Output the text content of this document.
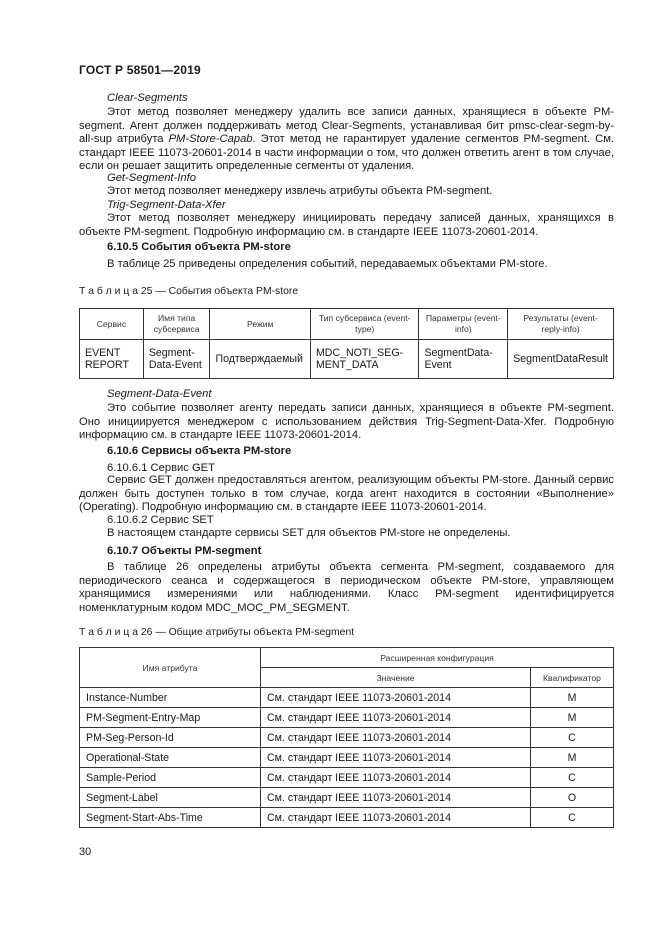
ГОСТ Р 58501—2019
Clear-Segments
Этот метод позволяет менеджеру удалить все записи данных, хранящиеся в объекте PM-segment. Агент должен поддерживать метод Clear-Segments, устанавливая бит pmsc-clear-segm-by-all-sup атрибута PM-Store-Capab. Этот метод не гарантирует удаление сегментов PM-segment. См. стандарт IEEE 11073-20601-2014 в части информации о том, что должен ответить агент в том случае, если он решает защитить определенные сегменты от удаления.
Get-Segment-Info
Этот метод позволяет менеджеру извлечь атрибуты объекта PM-segment.
Trig-Segment-Data-Xfer
Этот метод позволяет менеджеру инициировать передачу записей данных, хранящихся в объекте PM-segment. Подробную информацию см. в стандарте IEEE 11073-20601-2014.
6.10.5 События объекта PM-store
В таблице 25 приведены определения событий, передаваемых объектами PM-store.
Т а б л и ц а 25 — События объекта PM-store
Сервис	Имя типа субсервиса	Режим	Тип субсервиса (event-type)	Параметры (event-info)	Результаты (event-reply-info)
EVENT REPORT	Segment-Data-Event	Подтверждаемый	MDC_NOTI_SEG-MENT_DATA	SegmentData-Event	SegmentDataResult
Segment-Data-Event
Это событие позволяет агенту передать записи данных, хранящиеся в объекте PM-segment. Оно инициируется менеджером с использованием действия Trig-Segment-Data-Xfer. Подробную информацию см. в стандарте IEEE 11073-20601-2014.
6.10.6 Сервисы объекта PM-store
6.10.6.1 Сервис GET
Сервис GET должен предоставляться агентом, реализующим объекты PM-store. Данный сервис должен быть доступен только в том случае, когда агент находится в состоянии «Выполнение» (Operating). Подробную информацию см. в стандарте IEEE 11073-20601-2014.
6.10.6.2 Сервис SET
В настоящем стандарте сервисы SET для объектов PM-store не определены.
6.10.7 Объекты PM-segment
В таблице 26 определены атрибуты объекта сегмента PM-segment, создаваемого для периодического сеанса и содержащегося в периодическом объекте PM-store, управляющем хранящимися измерениями или наблюдениями. Класс PM-segment идентифицируется номенклатурным кодом MDC_MOC_PM_SEGMENT.
Т а б л и ц а 26 — Общие атрибуты объекта PM-segment
Имя атрибута	Расширенная конфигурация	
	Значение	Квалификатор
Instance-Number	См. стандарт IEEE 11073-20601-2014	M
PM-Segment-Entry-Map	См. стандарт IEEE 11073-20601-2014	M
PM-Seg-Person-Id	См. стандарт IEEE 11073-20601-2014	C
Operational-State	См. стандарт IEEE 11073-20601-2014	M
Sample-Period	См. стандарт IEEE 11073-20601-2014	C
Segment-Label	См. стандарт IEEE 11073-20601-2014	O
Segment-Start-Abs-Time	См. стандарт IEEE 11073-20601-2014	C
30
